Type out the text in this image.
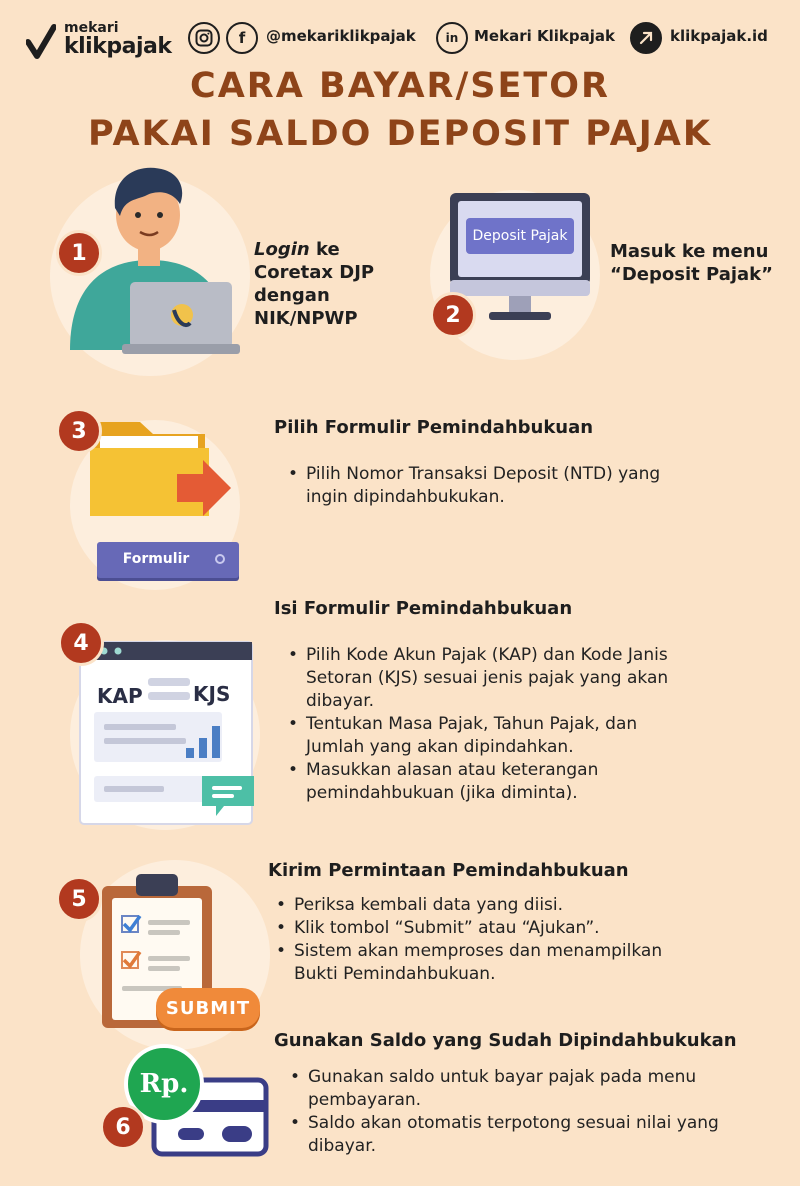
mekari
klikpajak	f	@mekariklikpajak	in	Mekari Klikpajak	klikpajak.id
CARA BAYAR/SETOR
PAKAI SALDO DEPOSIT PAJAK
1	Login ke Coretax DJP dengan NIK/NPWP
Deposit Pajak
2
Masuk ke menu “Deposit Pajak”
Formulir
3	Pilih Formulir Pemindahbukuan
• Pilih Nomor Transaksi Deposit (NTD) yang ingin dipindahbukukan.
KAP	KJS
4
Isi Formulir Pemindahbukuan
• Pilih Kode Akun Pajak (KAP) dan Kode Janis Setoran (KJS) sesuai jenis pajak yang akan dibayar.
• Tentukan Masa Pajak, Tahun Pajak, dan Jumlah yang akan dipindahkan.
• Masukkan alasan atau keterangan pemindahbukuan (jika diminta).
SUBMIT
5
Kirim Permintaan Pemindahbukuan
• Periksa kembali data yang diisi.
• Klik tombol “Submit” atau “Ajukan”.
• Sistem akan memproses dan menampilkan Bukti Pemindahbukuan.
Rp.
6
Gunakan Saldo yang Sudah Dipindahbukukan
• Gunakan saldo untuk bayar pajak pada menu pembayaran.
• Saldo akan otomatis terpotong sesuai nilai yang dibayar.
